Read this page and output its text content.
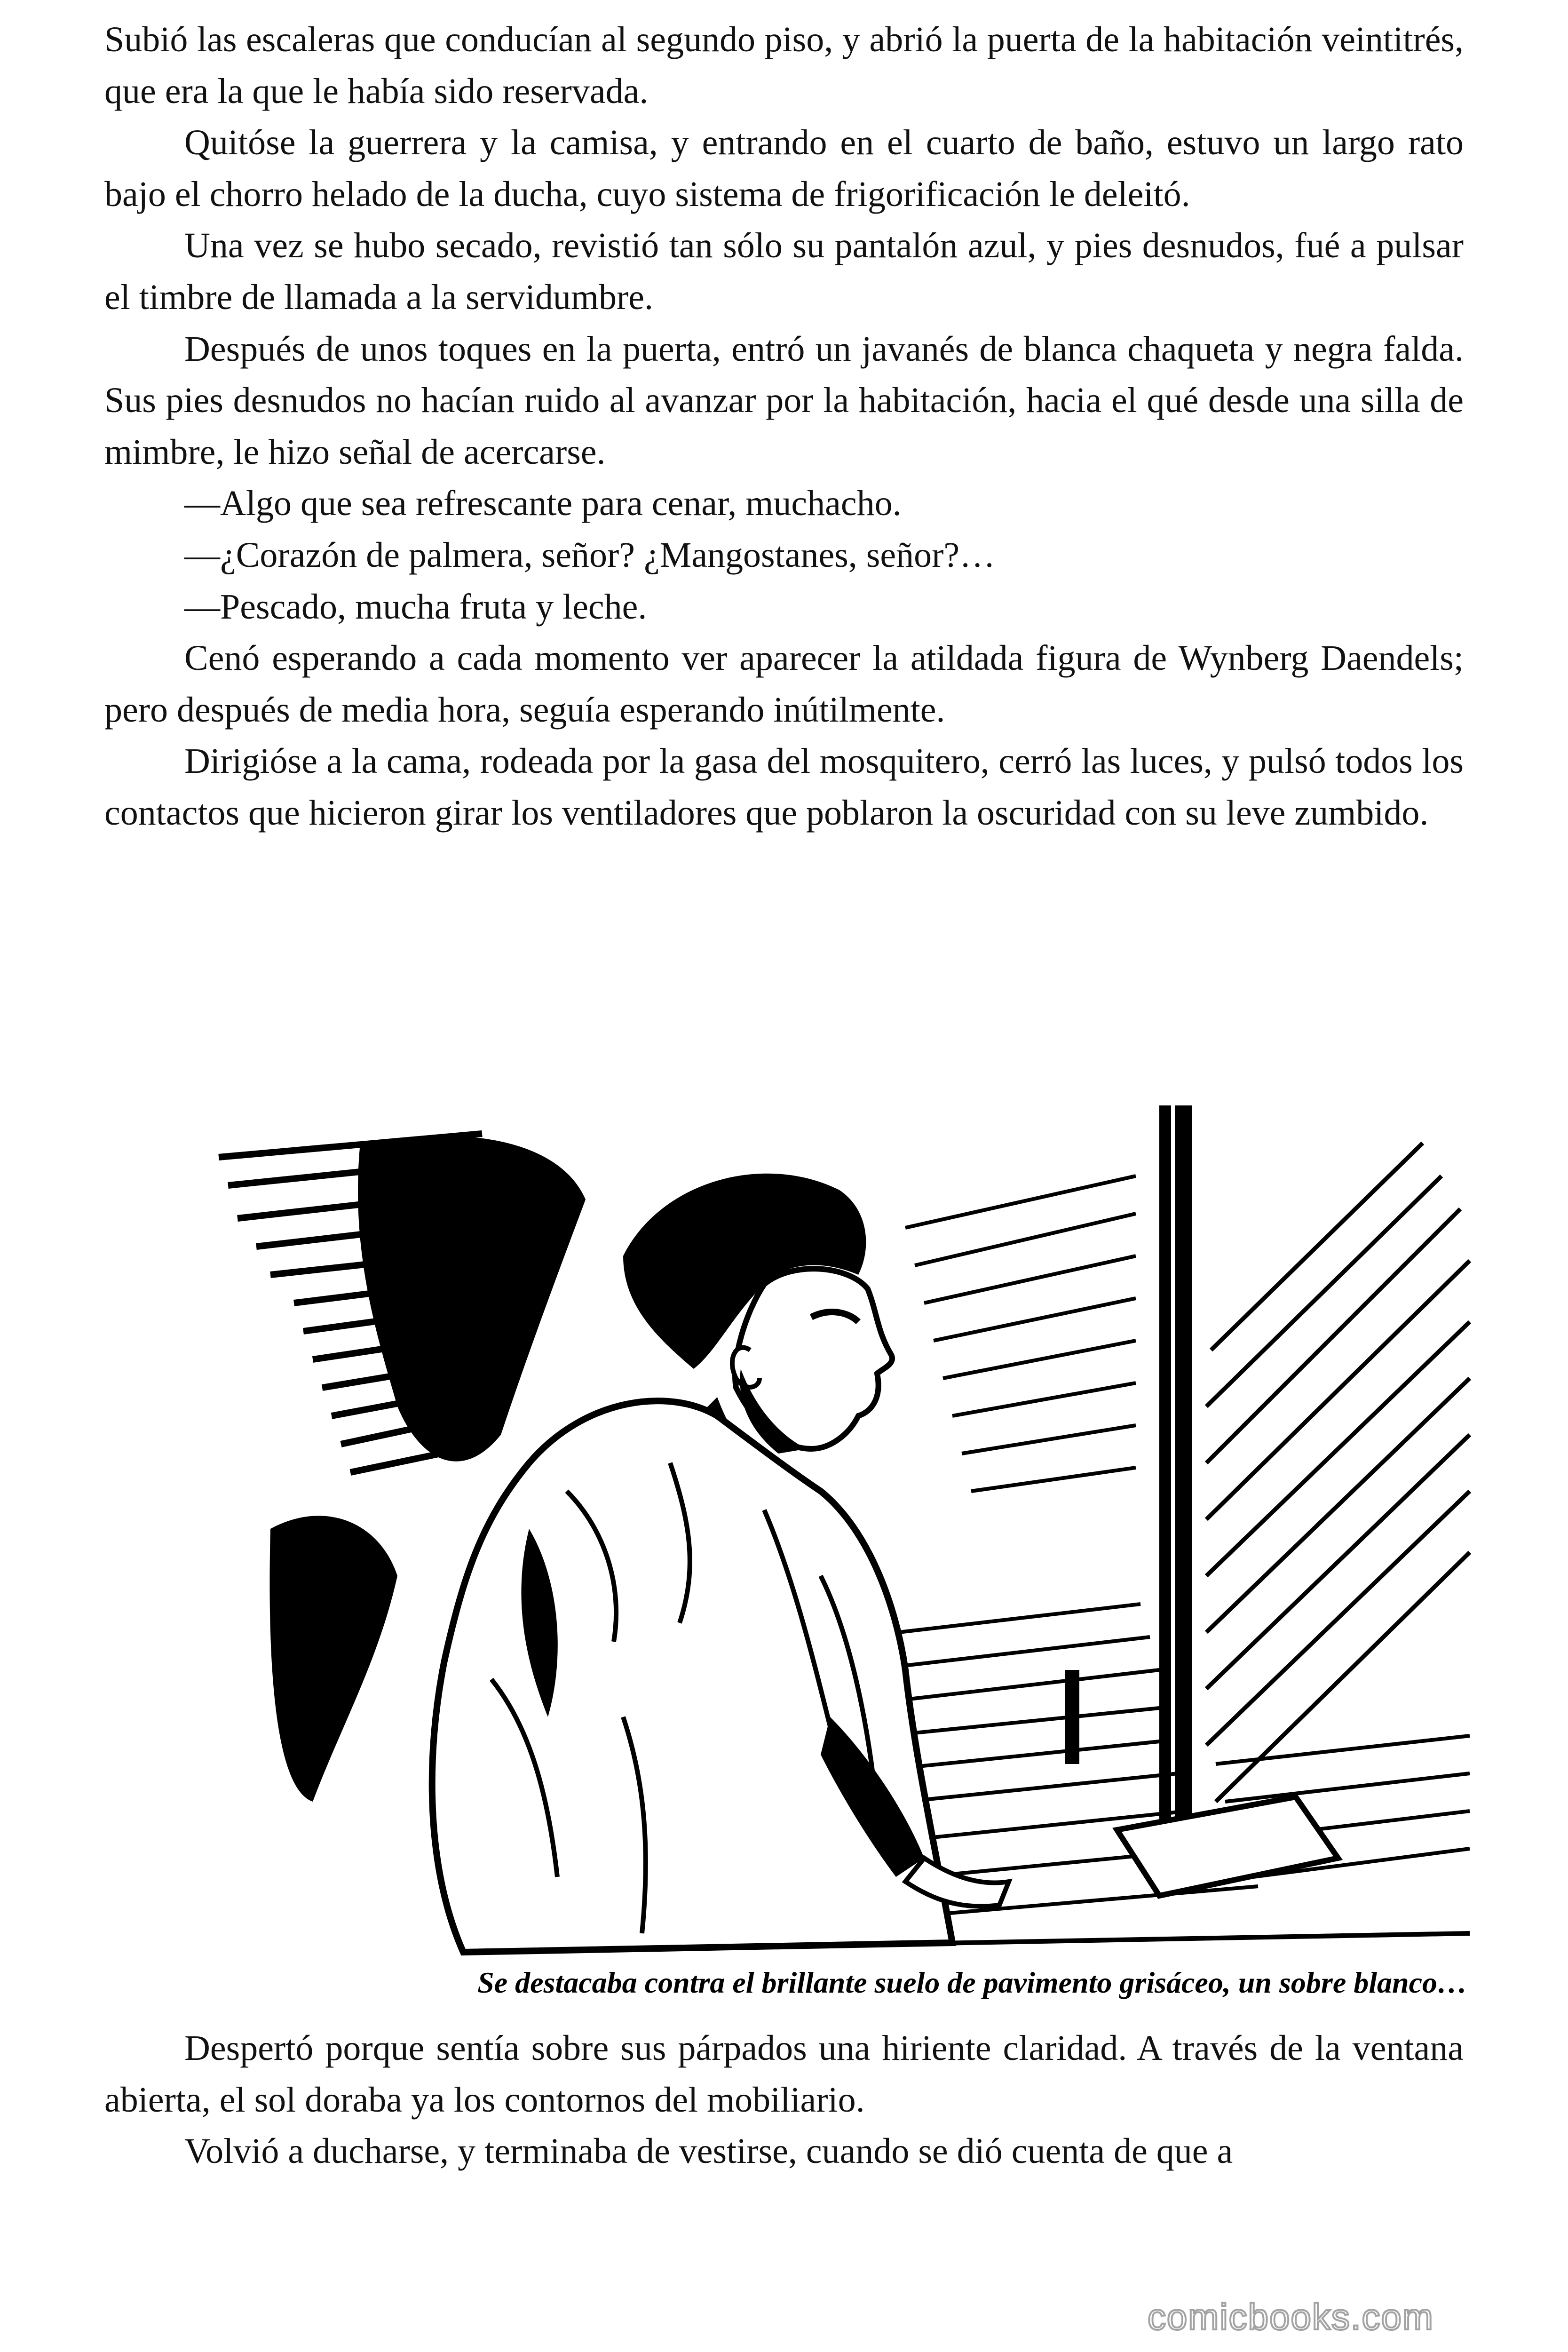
Subió las escaleras que conducían al segundo piso, y abrió la puerta de la habitación veintitrés, que era la que le había sido reservada.

Quitóse la guerrera y la camisa, y entrando en el cuarto de baño, estuvo un largo rato bajo el chorro helado de la ducha, cuyo sistema de frigorificación le deleitó.

Una vez se hubo secado, revistió tan sólo su pantalón azul, y pies desnudos, fué a pulsar el timbre de llamada a la servidumbre.

Después de unos toques en la puerta, entró un javanés de blanca chaqueta y negra falda. Sus pies desnudos no hacían ruido al avanzar por la habitación, hacia el qué desde una silla de mimbre, le hizo señal de acercarse.

—Algo que sea refrescante para cenar, muchacho.

—¿Corazón de palmera, señor? ¿Mangostanes, señor?…

—Pescado, mucha fruta y leche.

Cenó esperando a cada momento ver aparecer la atildada figura de Wynberg Daendels; pero después de media hora, seguía esperando inútilmente.

Dirigióse a la cama, rodeada por la gasa del mosquitero, cerró las luces, y pulsó todos los contactos que hicieron girar los ventiladores que poblaron la oscuridad con su leve zumbido.

Se destacaba contra el brillante suelo de pavimento grisáceo, un sobre blanco…

Despertó porque sentía sobre sus párpados una hiriente claridad. A través de la ventana abierta, el sol doraba ya los contornos del mobiliario.

Volvió a ducharse, y terminaba de vestirse, cuando se dió cuenta de que a

comicbooks.com
